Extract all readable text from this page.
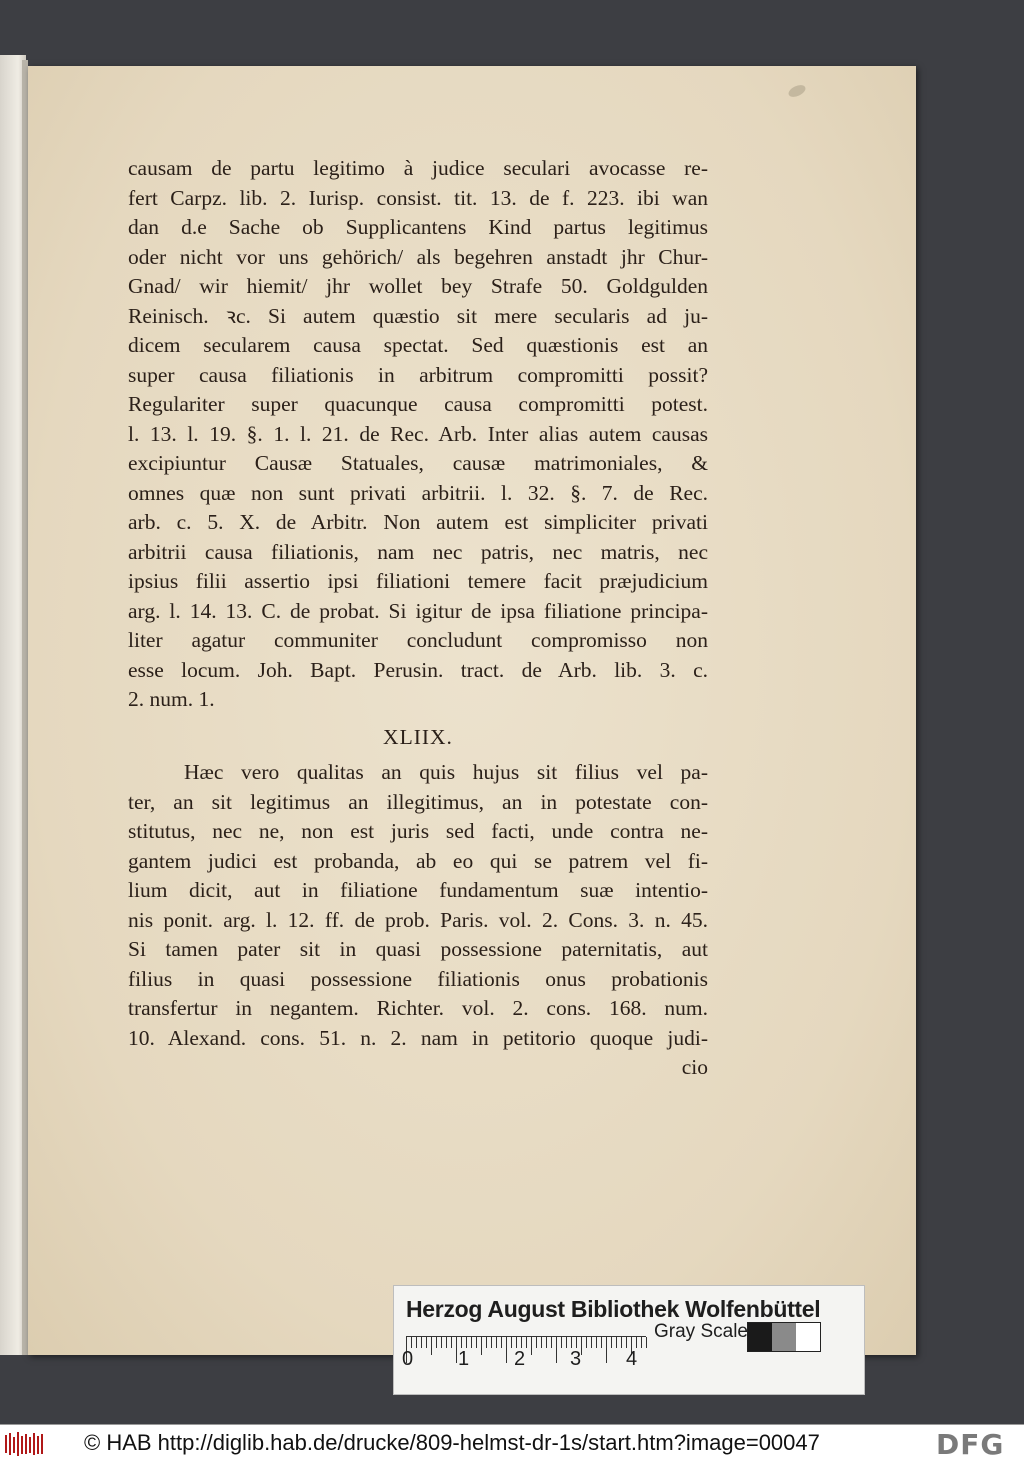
causam de partu legitimo à judice seculari avocasse re-
fert Carpz. lib. 2. Iurisp. consist. tit. 13. de f. 223. ibi wan
dan d.e Sache ob Supplicantens Kind partus legitimus
oder nicht vor uns gehörich/ als begehren anstadt jhr Chur-
Gnad/ wir hiemit/ jhr wollet bey Strafe 50. Goldgulden
Reinisch. ꝛc. Si autem quæstio sit mere secularis ad ju-
dicem secularem causa spectat. Sed quæstionis est an
super causa filiationis in arbitrum compromitti possit?
Regulariter super quacunque causa compromitti potest.
l. 13. l. 19. §. 1. l. 21. de Rec. Arb. Inter alias autem causas
excipiuntur Causæ Statuales, causæ matrimoniales, &
omnes quæ non sunt privati arbitrii. l. 32. §. 7. de Rec.
arb. c. 5. X. de Arbitr. Non autem est simpliciter privati
arbitrii causa filiationis, nam nec patris, nec matris, nec
ipsius filii assertio ipsi filiationi temere facit præjudicium
arg. l. 14. 13. C. de probat. Si igitur de ipsa filiatione principa-
liter agatur communiter concludunt compromisso non
esse locum. Joh. Bapt. Perusin. tract. de Arb. lib. 3. c.
2. num. 1.
XLIIX.
Hæc vero qualitas an quis hujus sit filius vel pa-
ter, an sit legitimus an illegitimus, an in potestate con-
stitutus, nec ne, non est juris sed facti, unde contra ne-
gantem judici est probanda, ab eo qui se patrem vel fi-
lium dicit, aut in filiatione fundamentum suæ intentio-
nis ponit. arg. l. 12. ff. de prob. Paris. vol. 2. Cons. 3. n. 45.
Si tamen pater sit in quasi possessione paternitatis, aut
filius in quasi possessione filiationis onus probationis
transfertur in negantem. Richter. vol. 2. cons. 168. num.
10. Alexand. cons. 51. n. 2. nam in petitorio quoque judi-
cio
Herzog August Bibliothek Wolfenbüttel
0 1 2 3 4
Gray Scale
© HAB http://diglib.hab.de/drucke/809-helmst-dr-1s/start.htm?image=00047	DFG
